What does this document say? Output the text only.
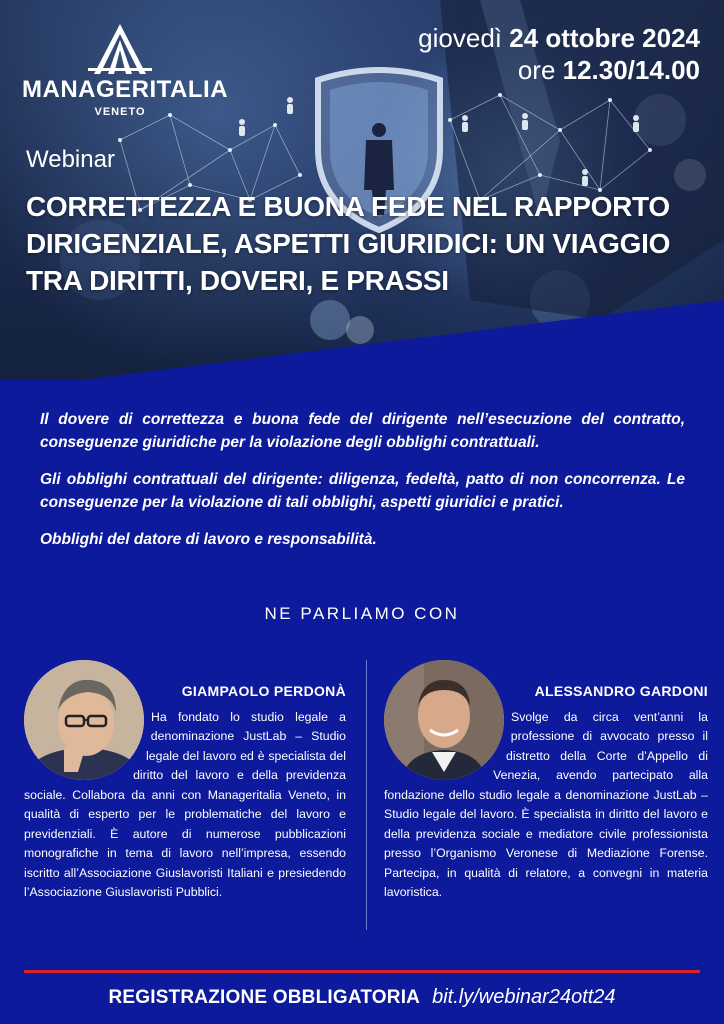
MANAGERITALIA
VENETO
giovedì 24 ottobre 2024
ore 12.30/14.00
Webinar
CORRETTEZZA E BUONA FEDE NEL RAPPORTO DIRIGENZIALE, ASPETTI GIURIDICI: UN VIAGGIO TRA DIRITTI, DOVERI, E PRASSI

Il dovere di correttezza e buona fede del dirigente nell’esecuzione del contratto, conseguenze giuridiche per la violazione degli obblighi contrattuali.

Gli obblighi contrattuali del dirigente: diligenza, fedeltà, patto di non concorrenza. Le conseguenze per la violazione di tali obblighi, aspetti giuridici e pratici.

Obblighi del datore di lavoro e responsabilità.

NE PARLIAMO CON
GIAMPAOLO PERDONÀ
Ha fondato lo studio legale a denominazione JustLab – Studio legale del lavoro ed è specialista del diritto del lavoro e della previdenza sociale. Collabora da anni con Manageritalia Veneto, in qualità di esperto per le problematiche del lavoro e previdenziali. È autore di numerose pubblicazioni monografiche in tema di lavoro nell’impresa, essendo iscritto all’Associazione Giuslavoristi Italiani e presiedendo l’Associazione Giuslavoristi Pubblici.
ALESSANDRO GARDONI
Svolge da circa vent’anni la professione di avvocato presso il distretto della Corte d’Appello di Venezia, avendo partecipato alla fondazione dello studio legale a denominazione JustLab – Studio legale del lavoro. È specialista in diritto del lavoro e della previdenza sociale e mediatore civile professionista presso l’Organismo Veronese di Mediazione Forense. Partecipa, in qualità di relatore, a convegni in materia lavoristica.
REGISTRAZIONE OBBLIGATORIA bit.ly/webinar24ott24
